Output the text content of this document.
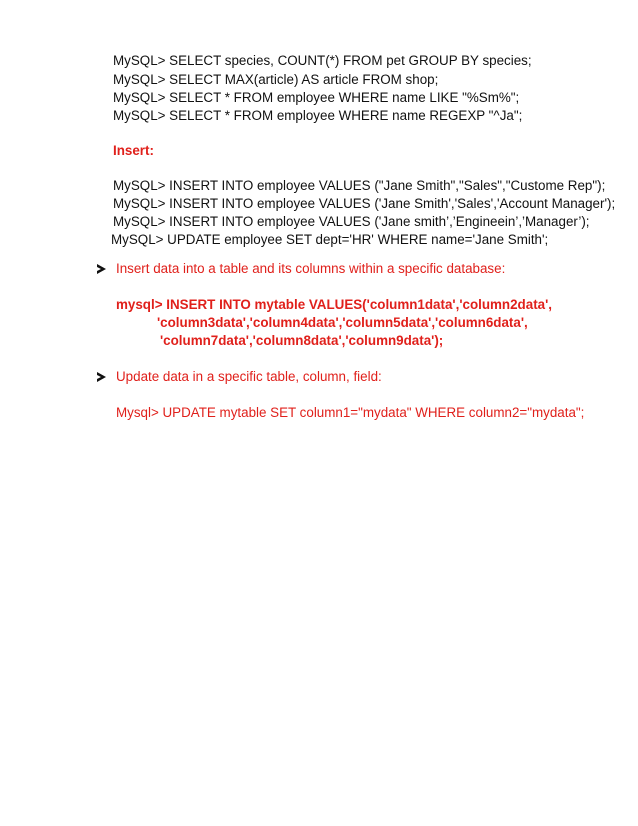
MySQL> SELECT species, COUNT(*) FROM pet GROUP BY species;
MySQL> SELECT MAX(article) AS article FROM shop;
MySQL> SELECT * FROM employee WHERE name LIKE "%Sm%";
MySQL> SELECT * FROM employee WHERE name REGEXP "^Ja";
Insert:
MySQL> INSERT INTO employee VALUES ("Jane Smith","Sales","Custome Rep");
MySQL> INSERT INTO employee VALUES ('Jane Smith','Sales','Account Manager');
MySQL> INSERT INTO employee VALUES ('Jane smith’,’Engineein’,’Manager’);
MySQL> UPDATE employee SET dept='HR' WHERE name='Jane Smith';
Insert data into a table and its columns within a specific database:
mysql> INSERT INTO mytable VALUES('column1data','column2data',
'column3data','column4data','column5data','column6data',
'column7data','column8data','column9data');
Update data in a specific table, column, field:
Mysql> UPDATE mytable SET column1="mydata" WHERE column2="mydata";
